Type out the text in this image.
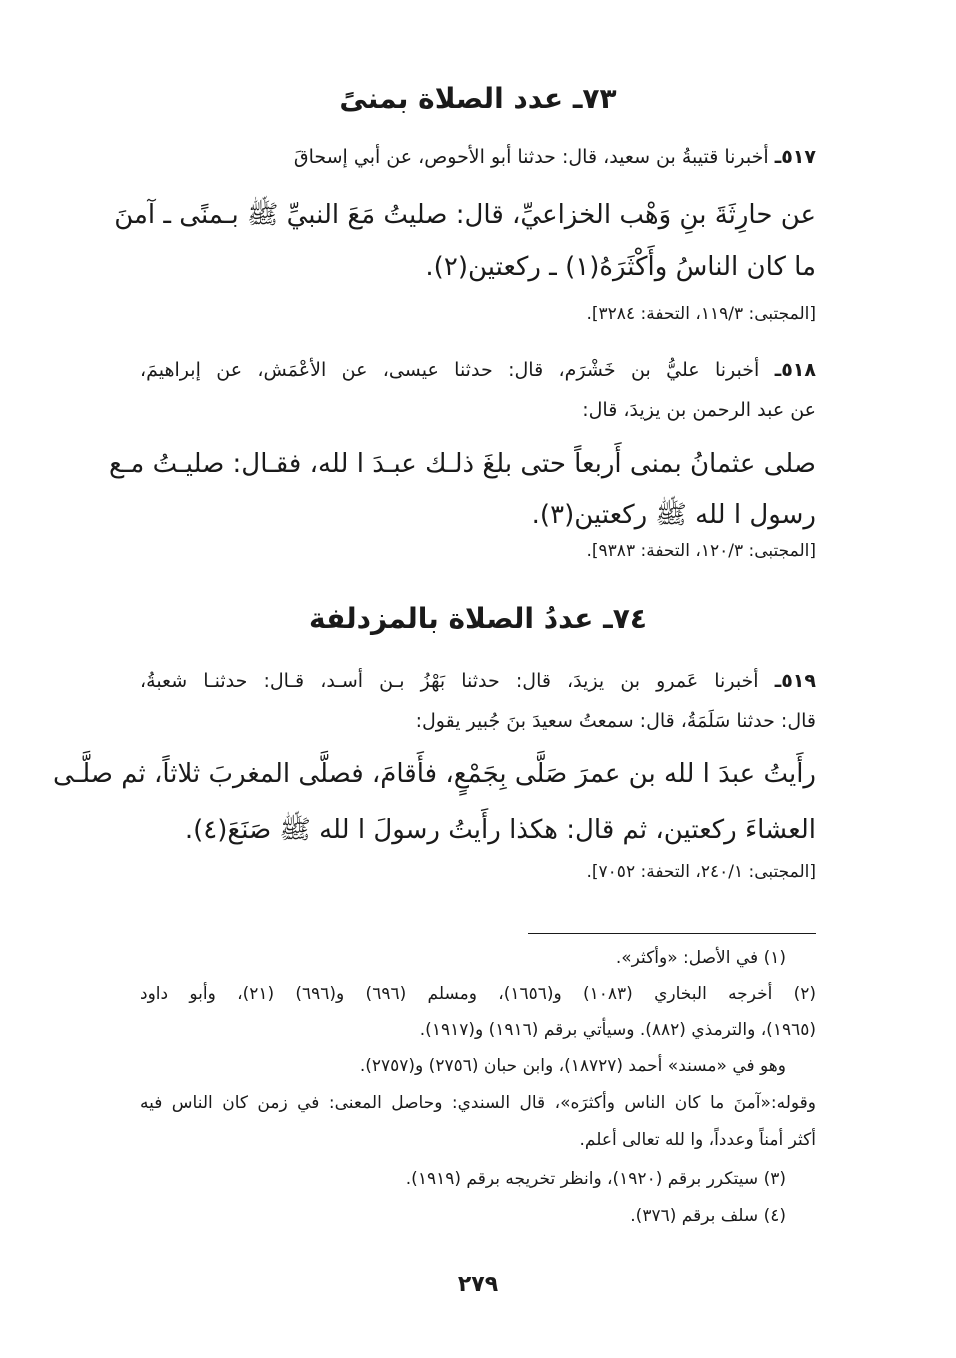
٧٣ـ عدد الصلاة بمنىً

٥١٧ـ أخبرنا قتيبةُ بن سعيد، قال: حدثنا أبو الأحوص، عن أبي إسحاقَ

عن حارِثَةَ بنِ وَهْب الخزاعيِّ، قال: صليتُ مَعَ النبيِّ ﷺ بـمنًى ـ آمنَ

ما كان الناسُ وأَكْثَرَهُ(١) ـ ركعتين(٢).

[المجتبى: ١١٩/٣، التحفة: ٣٢٨٤].

٥١٨ـ أخبرنا عليُّ بن خَشْرَم، قال: حدثنا عيسى، عن الأعْمَش، عن إبراهيمَ،

عن عبد الرحمن بن يزيدَ، قال:

صلى عثمانُ بمنى أَربعاً حتى بلغَ ذلـك عبـدَ ا لله، فقـال: صليـتُ مـع

رسول ا لله ﷺ ركعتين(٣).

[المجتبى: ١٢٠/٣، التحفة: ٩٣٨٣].

٧٤ـ عددُ الصلاة بالمزدلفة

٥١٩ـ أخبرنا عَمرو بن يزيدَ، قال: حدثنا بَهْزُ بـن أسـد، قـال: حدثنـا شعبةُ،

قال: حدثنا سَلَمَةُ، قال: سمعتُ سعيدَ بنَ جُبير يقول:

رأَيتُ عبدَ ا لله بن عمرَ صَلَّى بِجَمْعٍ، فأَقامَ، فصلَّى المغربَ ثلاثاً، ثم صلَّـى

العشاءَ ركعتين، ثم قال: هكذا رأَيتُ رسولَ ا لله ﷺ صَنَعَ(٤).

[المجتبى: ٢٤٠/١، التحفة: ٧٠٥٢].

(١) في الأصل: «وأكثر».

(٢) أخرجه البخاري (١٠٨٣) و(١٦٥٦)، ومسلم (٦٩٦) و(٦٩٦) (٢١)، وأبو داود

(١٩٦٥)، والترمذي (٨٨٢). وسيأتي برقم (١٩١٦) و(١٩١٧).

وهو في «مسند» أحمد (١٨٧٢٧)، وابن حبان (٢٧٥٦) و(٢٧٥٧).

وقوله:«آمنَ ما كان الناس وأكثرَه»، قال السندي: وحاصل المعنى: في زمن كان الناس فيه

أكثر أمناً وعدداً، وا لله تعالى أعلم.

(٣) سيتكرر برقم (١٩٢٠)، وانظر تخريجه برقم (١٩١٩).

(٤) سلف برقم (٣٧٦).

٢٧٩
